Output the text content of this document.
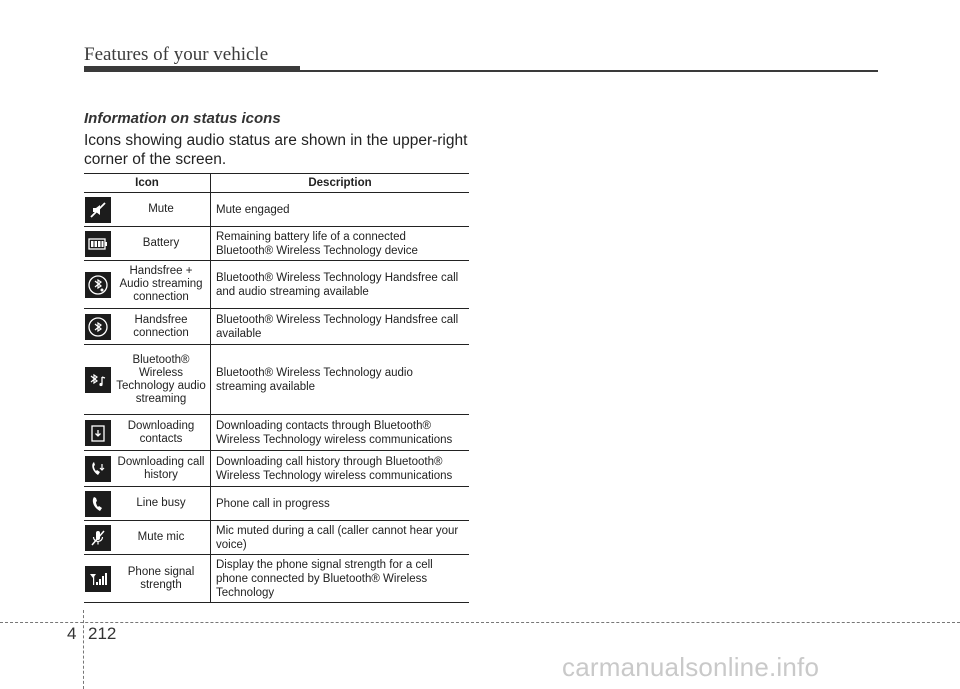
Features of your vehicle
Information on status icons
Icons showing audio status are shown in the upper-right corner of the screen.
Icon		Description

	Mute	Mute engaged

	Battery	Remaining battery life of a connected Bluetooth® Wireless Technology device

	Handsfree + Audio streaming connection	Bluetooth® Wireless Technology Handsfree call and audio streaming available

	Handsfree connection	Bluetooth® Wireless Technology Handsfree call available

	Bluetooth® Wireless Technology audio streaming	Bluetooth® Wireless Technology audio streaming available

	Downloading contacts	Downloading contacts through Bluetooth® Wireless Technology wireless communications

	Downloading call history	Downloading call history through Bluetooth® Wireless Technology wireless communications

	Line busy	Phone call in progress

	Mute mic	Mic muted during a call (caller cannot hear your voice)

	Phone signal strength	Display the phone signal strength for a cell phone connected by Bluetooth® Wireless Technology
4 212
carmanualsonline.info
